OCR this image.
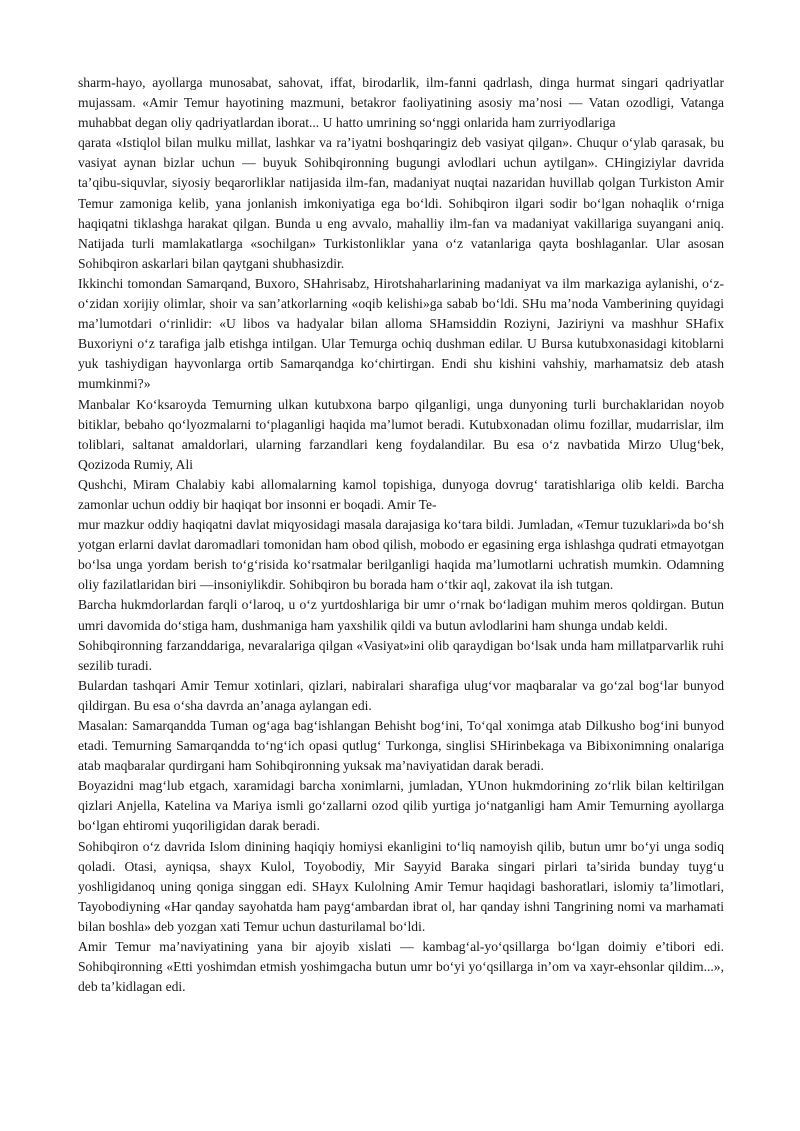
sharm-hayo, ayollarga munosabat, sahovat, iffat, birodarlik, ilm-fanni qadrlash, dinga hurmat singari qadriyatlar mujassam. «Amir Temur hayotining mazmuni, betakror faoliyatining asosiy ma’nosi — Vatan ozodligi, Vatanga muhabbat degan oliy qadriyatlardan iborat... U hatto umrining so‘nggi onlarida ham zurriyodlariga

qarata «Istiqlol bilan mulku millat, lashkar va ra’iyatni boshqaringiz deb vasiyat qilgan». Chuqur o‘ylab qarasak, bu vasiyat aynan bizlar uchun — buyuk Sohibqironning bugungi avlodlari uchun aytilgan». CHingiziylar davrida ta’qibu-siquvlar, siyosiy beqarorliklar natijasida ilm-fan, madaniyat nuqtai nazaridan huvillab qolgan Turkiston Amir Temur zamoniga kelib, yana jonlanish imkoniyatiga ega bo‘ldi. Sohibqiron ilgari sodir bo‘lgan nohaqlik o‘rniga haqiqatni tiklashga harakat qilgan. Bunda u eng avvalo, mahalliy ilm-fan va madaniyat vakillariga suyangani aniq. Natijada turli mamlakatlarga «sochilgan» Turkistonliklar yana o‘z vatanlariga qayta boshlaganlar. Ular asosan Sohibqiron askarlari bilan qaytgani shubhasizdir.

Ikkinchi tomondan Samarqand, Buxoro, SHahrisabz, Hirotshaharlarining madaniyat va ilm markaziga aylanishi, o‘z-o‘zidan xorijiy olimlar, shoir va san’atkorlarning «oqib kelishi»ga sabab bo‘ldi. SHu ma’noda Vamberining quyidagi ma’lumotdari o‘rinlidir: «U libos va hadyalar bilan alloma SHamsiddin Roziyni, Jaziriyni va mashhur SHafix Buxoriyni o‘z tarafiga jalb etishga intilgan. Ular Temurga ochiq dushman edilar. U Bursa kutubxonasidagi kitoblarni yuk tashiydigan hayvonlarga ortib Samarqandga ko‘chirtirgan. Endi shu kishini vahshiy, marhamatsiz deb atash mumkinmi?»

Manbalar Ko‘ksaroyda Temurning ulkan kutubxona barpo qilganligi, unga dunyoning turli burchaklaridan noyob bitiklar, bebaho qo‘lyozmalarni to‘plaganligi haqida ma’lumot beradi. Kutubxonadan olimu fozillar, mudarrislar, ilm toliblari, saltanat amaldorlari, ularning farzandlari keng foydalandilar. Bu esa o‘z navbatida Mirzo Ulug‘bek, Qozizoda Rumiy, Ali

Qushchi, Miram Chalabiy kabi allomalarning kamol topishiga, dunyoga dovrug‘ taratishlariga olib keldi. Barcha zamonlar uchun oddiy bir haqiqat bor insonni er boqadi. Amir Te-

mur mazkur oddiy haqiqatni davlat miqyosidagi masala darajasiga ko‘tara bildi. Jumladan, «Temur tuzuklari»da bo‘sh yotgan erlarni davlat daromadlari tomonidan ham obod qilish, mobodo er egasining erga ishlashga qudrati etmayotgan bo‘lsa unga yordam berish to‘g‘risida ko‘rsatmalar berilganligi haqida ma’lumotlarni uchratish mumkin. Odamning oliy fazilatlaridan biri —insoniylikdir. Sohibqiron bu borada ham o‘tkir aql, zakovat ila ish tutgan.

Barcha hukmdorlardan farqli o‘laroq, u o‘z yurtdoshlariga bir umr o‘rnak bo‘ladigan muhim meros qoldirgan. Butun umri davomida do‘stiga ham, dushmaniga ham yaxshilik qildi va butun avlodlarini ham shunga undab keldi.

Sohibqironning farzanddariga, nevaralariga qilgan «Vasiyat»ini olib qaraydigan bo‘lsak unda ham millatparvarlik ruhi sezilib turadi.

Bulardan tashqari Amir Temur xotinlari, qizlari, nabiralari sharafiga ulug‘vor maqbaralar va go‘zal bog‘lar bunyod qildirgan. Bu esa o‘sha davrda an’anaga aylangan edi.

Masalan: Samarqandda Tuman og‘aga bag‘ishlangan Behisht bog‘ini, To‘qal xonimga atab Dilkusho bog‘ini bunyod etadi. Temurning Samarqandda to‘ng‘ich opasi qutlug‘ Turkonga, singlisi SHirinbekaga va Bibixonimning onalariga atab maqbaralar qurdirgani ham Sohibqironning yuksak ma’naviyatidan darak beradi.

Boyazidni mag‘lub etgach, xaramidagi barcha xonimlarni, jumladan, YUnon hukmdorining zo‘rlik bilan keltirilgan qizlari Anjella, Katelina va Mariya ismli go‘zallarni ozod qilib yurtiga jo‘natganligi ham Amir Temurning ayollarga bo‘lgan ehtiromi yuqoriligidan darak beradi.

Sohibqiron o‘z davrida Islom dinining haqiqiy homiysi ekanligini to‘liq namoyish qilib, butun umr bo‘yi unga sodiq qoladi. Otasi, ayniqsa, shayx Kulol, Toyobodiy, Mir Sayyid Baraka singari pirlari ta’sirida bunday tuyg‘u yoshligidanoq uning qoniga singgan edi. SHayx Kulolning Amir Temur haqidagi bashoratlari, islomiy ta’limotlari, Tayobodiyning «Har qanday sayohatda ham payg‘ambardan ibrat ol, har qanday ishni Tangrining nomi va marhamati bilan boshla» deb yozgan xati Temur uchun dasturilamal bo‘ldi.

Amir Temur ma’naviyatining yana bir ajoyib xislati — kambag‘al-yo‘qsillarga bo‘lgan doimiy e’tibori edi. Sohibqironning «Etti yoshimdan etmish yoshimgacha butun umr bo‘yi yo‘qsillarga in’om va xayr-ehsonlar qildim...», deb ta’kidlagan edi.
